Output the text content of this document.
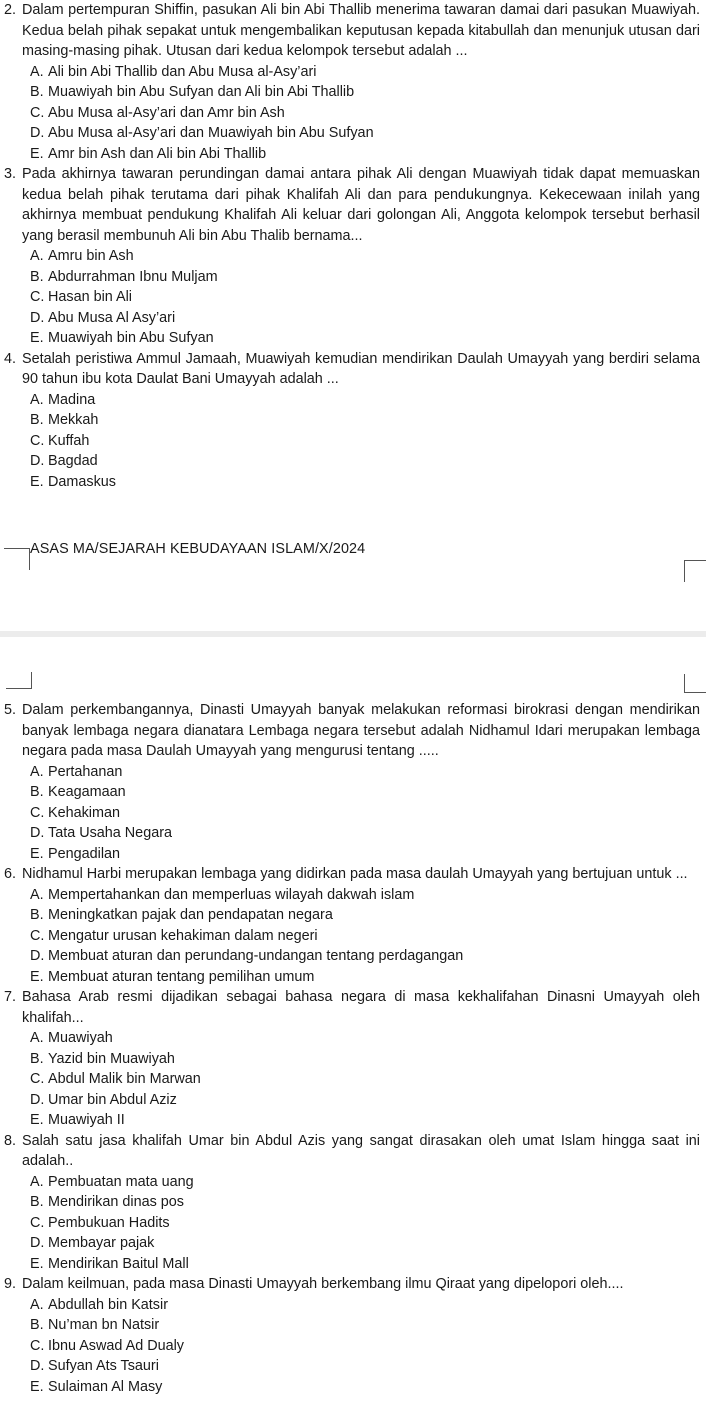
2. Dalam pertempuran Shiffin, pasukan Ali bin Abi Thallib menerima tawaran damai dari pasukan Muawiyah. Kedua belah pihak sepakat untuk mengembalikan keputusan kepada kitabullah dan menunjuk utusan dari masing-masing pihak. Utusan dari kedua kelompok tersebut adalah ...
A. Ali bin Abi Thallib dan Abu Musa al-Asy’ari
B. Muawiyah bin Abu Sufyan dan Ali bin Abi Thallib
C. Abu Musa al-Asy’ari dan Amr bin Ash
D. Abu Musa al-Asy’ari dan Muawiyah bin Abu Sufyan
E. Amr bin Ash dan Ali bin Abi Thallib
3. Pada akhirnya tawaran perundingan damai antara pihak Ali dengan Muawiyah tidak dapat memuaskan kedua belah pihak terutama dari pihak Khalifah Ali dan para pendukungnya. Kekecewaan inilah yang akhirnya membuat pendukung Khalifah Ali keluar dari golongan Ali, Anggota kelompok tersebut berhasil yang berasil membunuh Ali bin Abu Thalib bernama...
A. Amru bin Ash
B. Abdurrahman Ibnu Muljam
C. Hasan bin Ali
D. Abu Musa Al Asy’ari
E. Muawiyah bin Abu Sufyan
4. Setalah peristiwa Ammul Jamaah, Muawiyah kemudian mendirikan Daulah Umayyah yang berdiri selama 90 tahun ibu kota Daulat Bani Umayyah adalah ...
A. Madina
B. Mekkah
C. Kuffah
D. Bagdad
E. Damaskus
ASAS MA/SEJARAH KEBUDAYAAN ISLAM/X/2024
5. Dalam perkembangannya, Dinasti Umayyah banyak melakukan reformasi birokrasi dengan mendirikan banyak lembaga negara dianatara Lembaga negara tersebut adalah Nidhamul Idari merupakan lembaga negara pada masa Daulah Umayyah yang mengurusi tentang .....
A. Pertahanan
B. Keagamaan
C. Kehakiman
D. Tata Usaha Negara
E. Pengadilan
6. Nidhamul Harbi merupakan lembaga yang didirkan pada masa daulah Umayyah yang bertujuan untuk ...
A. Mempertahankan dan memperluas wilayah dakwah islam
B. Meningkatkan pajak dan pendapatan negara
C. Mengatur urusan kehakiman dalam negeri
D. Membuat aturan dan perundang-undangan tentang perdagangan
E. Membuat aturan tentang pemilihan umum
7. Bahasa Arab resmi dijadikan sebagai bahasa negara di masa kekhalifahan Dinasni Umayyah oleh khalifah...
A. Muawiyah
B. Yazid bin Muawiyah
C. Abdul Malik bin Marwan
D. Umar bin Abdul Aziz
E. Muawiyah II
8. Salah satu jasa khalifah Umar bin Abdul Azis yang sangat dirasakan oleh umat Islam hingga saat ini adalah..
A. Pembuatan mata uang
B. Mendirikan dinas pos
C. Pembukuan Hadits
D. Membayar pajak
E. Mendirikan Baitul Mall
9. Dalam keilmuan, pada masa Dinasti Umayyah berkembang ilmu Qiraat yang dipelopori oleh....
A. Abdullah bin Katsir
B. Nu’man bn Natsir
C. Ibnu Aswad Ad Dualy
D. Sufyan Ats Tsauri
E. Sulaiman Al Masy
